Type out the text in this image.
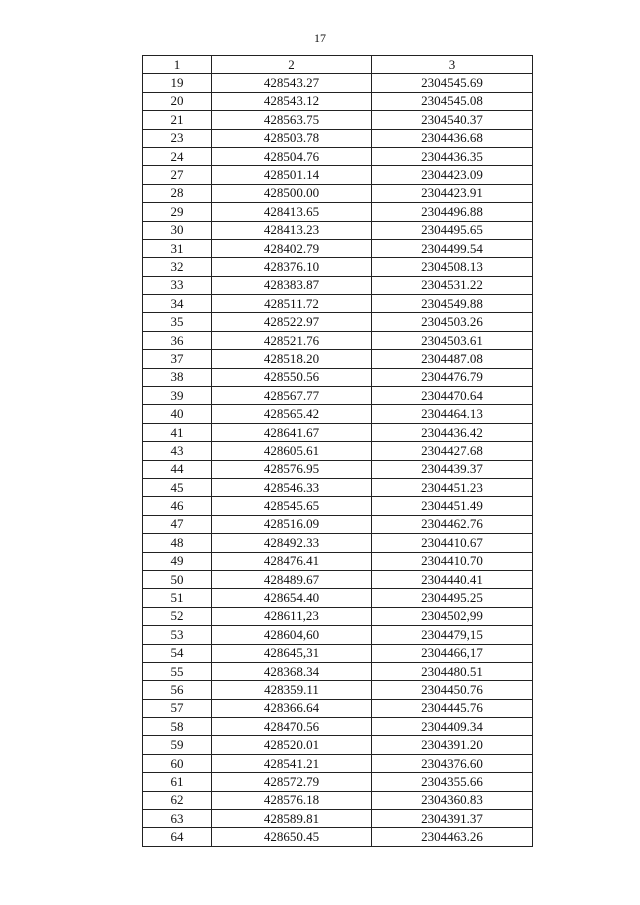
17
1	2	3
19	428543.27	2304545.69
20	428543.12	2304545.08
21	428563.75	2304540.37
23	428503.78	2304436.68
24	428504.76	2304436.35
27	428501.14	2304423.09
28	428500.00	2304423.91
29	428413.65	2304496.88
30	428413.23	2304495.65
31	428402.79	2304499.54
32	428376.10	2304508.13
33	428383.87	2304531.22
34	428511.72	2304549.88
35	428522.97	2304503.26
36	428521.76	2304503.61
37	428518.20	2304487.08
38	428550.56	2304476.79
39	428567.77	2304470.64
40	428565.42	2304464.13
41	428641.67	2304436.42
43	428605.61	2304427.68
44	428576.95	2304439.37
45	428546.33	2304451.23
46	428545.65	2304451.49
47	428516.09	2304462.76
48	428492.33	2304410.67
49	428476.41	2304410.70
50	428489.67	2304440.41
51	428654.40	2304495.25
52	428611,23	2304502,99
53	428604,60	2304479,15
54	428645,31	2304466,17
55	428368.34	2304480.51
56	428359.11	2304450.76
57	428366.64	2304445.76
58	428470.56	2304409.34
59	428520.01	2304391.20
60	428541.21	2304376.60
61	428572.79	2304355.66
62	428576.18	2304360.83
63	428589.81	2304391.37
64	428650.45	2304463.26
